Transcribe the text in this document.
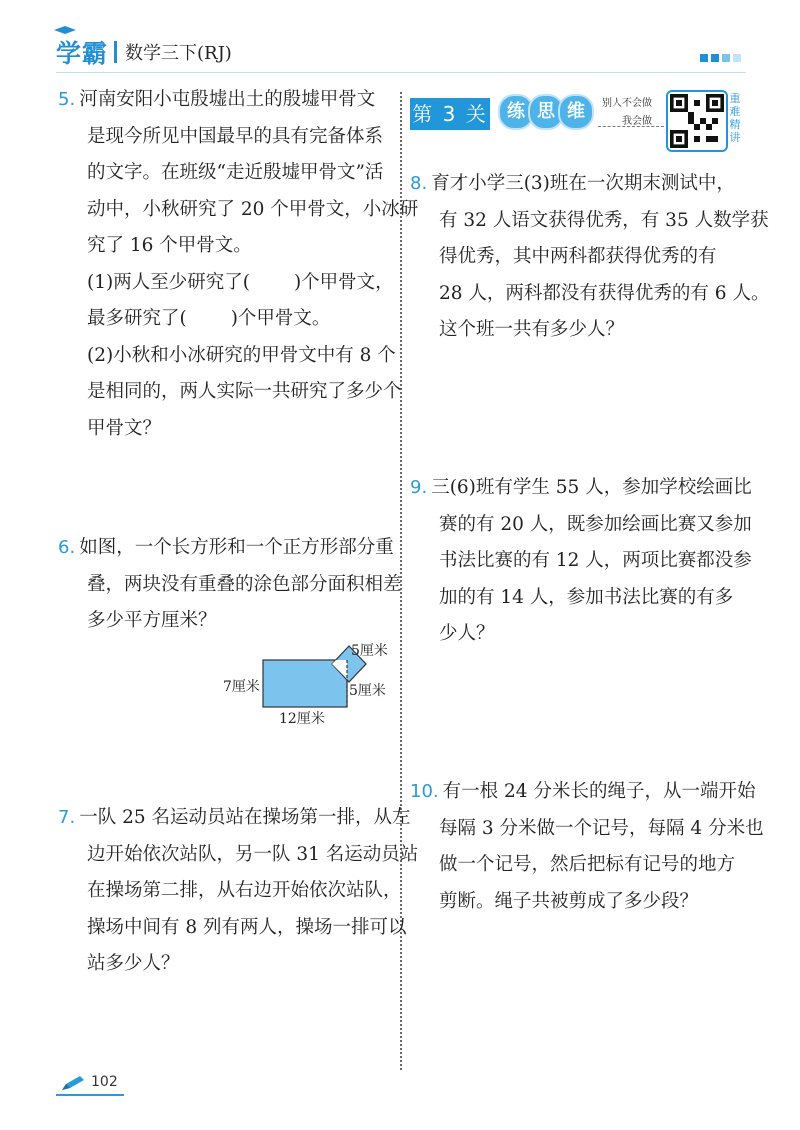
学霸 数学三下(RJ)
5. 河南安阳小屯殷墟出土的殷墟甲骨文
是现今所见中国最早的具有完备体系
的文字。在班级“走近殷墟甲骨文”活
动中，小秋研究了 20 个甲骨文，小冰研
究了 16 个甲骨文。
(1)两人至少研究了( )个甲骨文，
最多研究了( )个甲骨文。
(2)小秋和小冰研究的甲骨文中有 8 个
是相同的，两人实际一共研究了多少个
甲骨文？
6. 如图，一个长方形和一个正方形部分重
叠，两块没有重叠的涂色部分面积相差
多少平方厘米？
7厘米
12厘米
5厘米
5厘米
7. 一队 25 名运动员站在操场第一排，从左
边开始依次站队，另一队 31 名运动员站
在操场第二排，从右边开始依次站队，
操场中间有 8 列有两人，操场一排可以
站多少人？
第 3 关	练 思 维	别人不会做
我会做
重难精讲
8. 育才小学三(3)班在一次期末测试中，
有 32 人语文获得优秀，有 35 人数学获
得优秀，其中两科都获得优秀的有
28 人，两科都没有获得优秀的有 6 人。
这个班一共有多少人？
9. 三(6)班有学生 55 人，参加学校绘画比
赛的有 20 人，既参加绘画比赛又参加
书法比赛的有 12 人，两项比赛都没参
加的有 14 人，参加书法比赛的有多
少人？
10. 有一根 24 分米长的绳子，从一端开始
每隔 3 分米做一个记号，每隔 4 分米也
做一个记号，然后把标有记号的地方
剪断。绳子共被剪成了多少段？
102
